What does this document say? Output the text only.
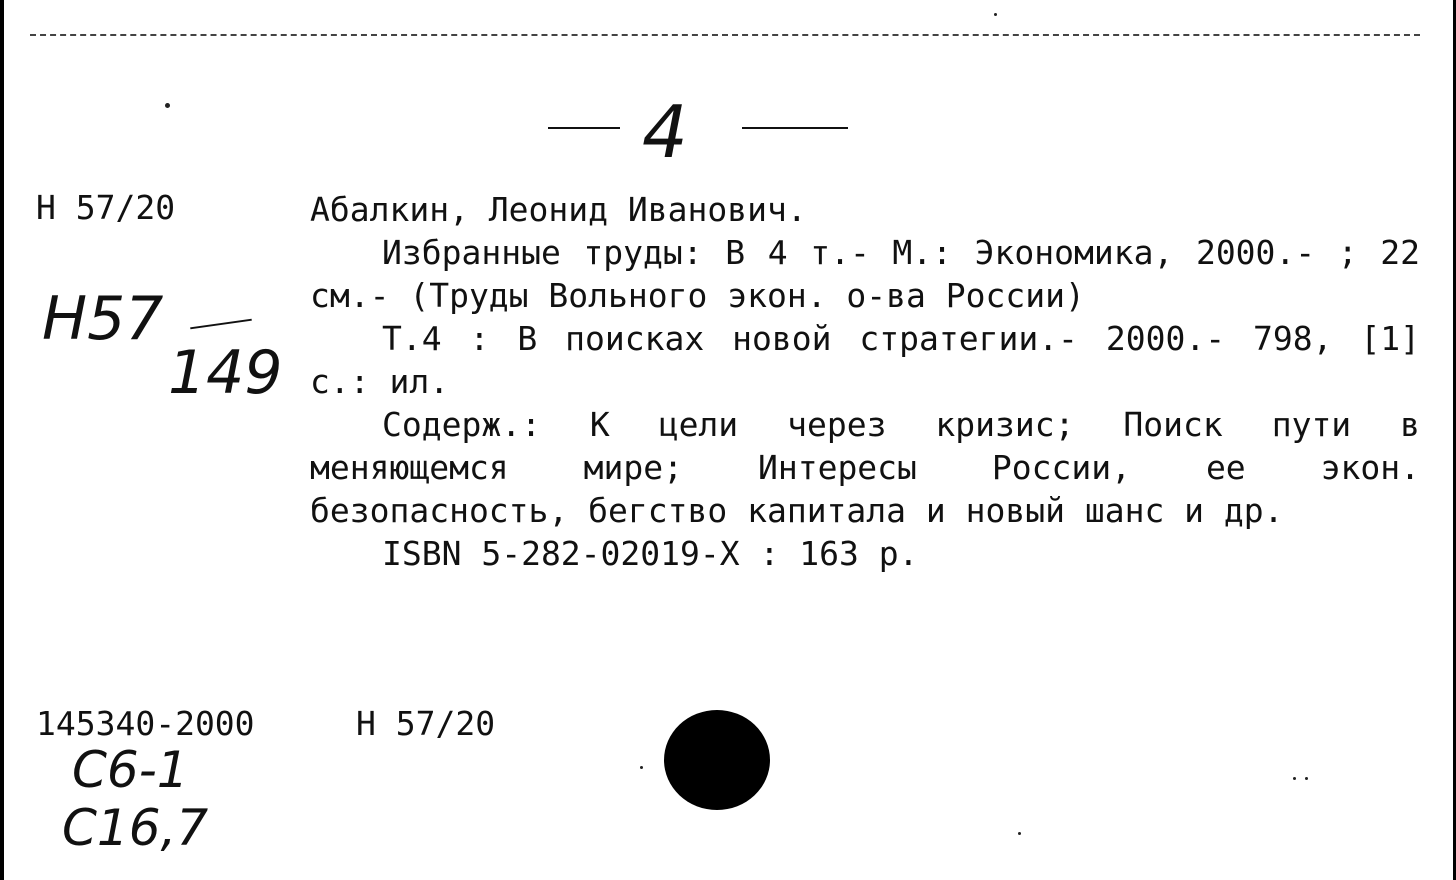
4
Н 57/20
Н57
149

Абалкин, Леонид Иванович.

Избранные труды: В 4 т.- М.: Экономика, 2000.- ; 22 см.- (Труды Вольного экон. о-ва России)

Т.4 : В поисках новой стратегии.- 2000.- 798, [1] с.: ил.

Содерж.: К цели через кризис; Поиск пути в меняющемся мире; Интересы России, ее экон. безопасность, бегство капитала и новый шанс и др.

ISBN 5-282-02019-X : 163 р.

145340-2000	Н 57/20
С6-1
С16,7
